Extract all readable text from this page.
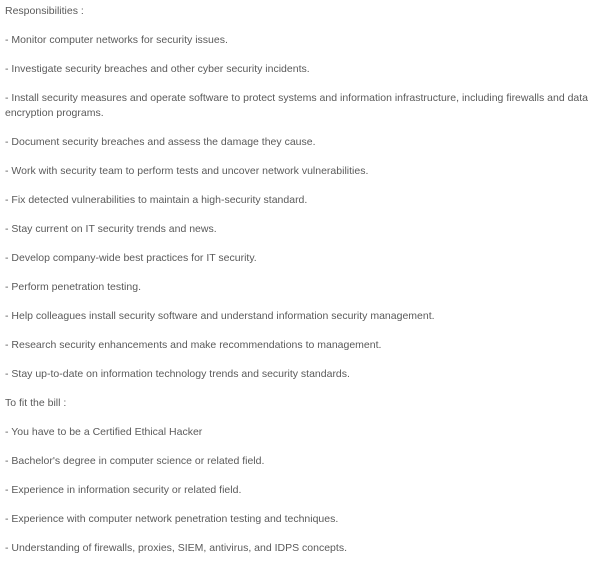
Responsibilities :

- Monitor computer networks for security issues.

- Investigate security breaches and other cyber security incidents.

- Install security measures and operate software to protect systems and information infrastructure, including firewalls and data encryption programs.

- Document security breaches and assess the damage they cause.

- Work with security team to perform tests and uncover network vulnerabilities.

- Fix detected vulnerabilities to maintain a high-security standard.

- Stay current on IT security trends and news.

- Develop company-wide best practices for IT security.

- Perform penetration testing.

- Help colleagues install security software and understand information security management.

- Research security enhancements and make recommendations to management.

- Stay up-to-date on information technology trends and security standards.

To fit the bill :

- You have to be a Certified Ethical Hacker

- Bachelor's degree in computer science or related field.

- Experience in information security or related field.

- Experience with computer network penetration testing and techniques.

- Understanding of firewalls, proxies, SIEM, antivirus, and IDPS concepts.
